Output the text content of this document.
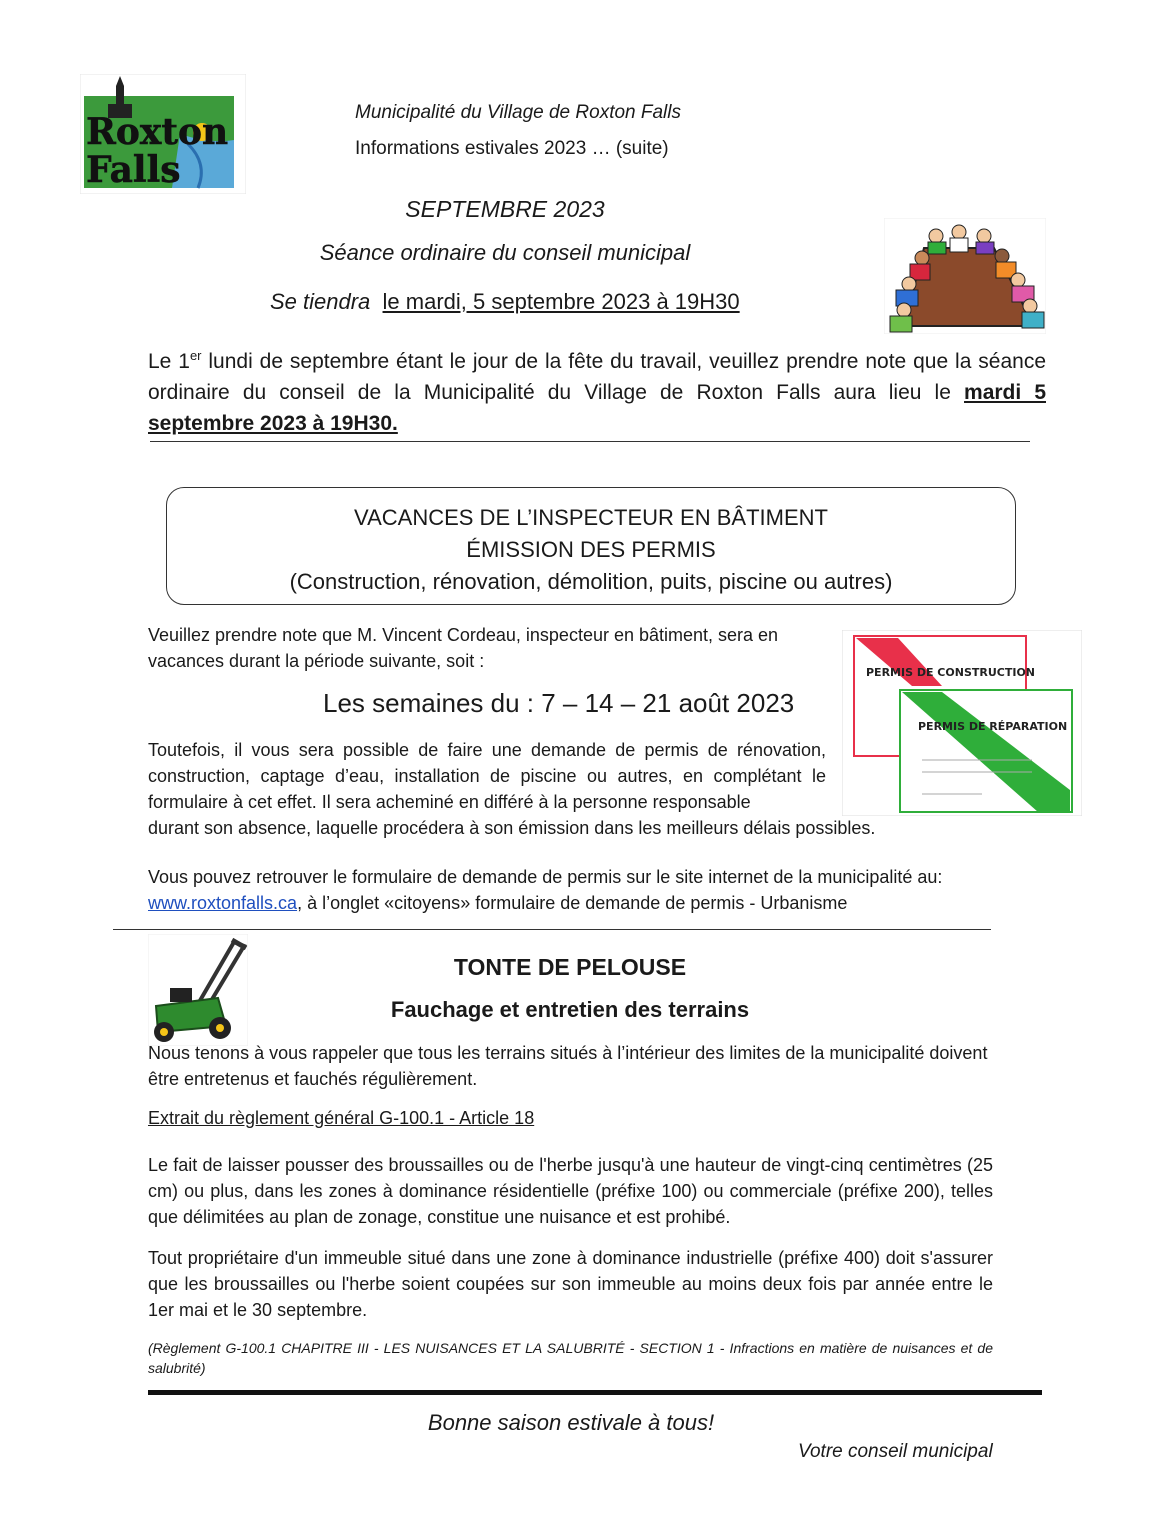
Roxton
Falls
Municipalité du Village de Roxton Falls
Informations estivales 2023 … (suite)
SEPTEMBRE 2023
Séance ordinaire du conseil municipal
Se tiendra le mardi, 5 septembre 2023 à 19H30
Le 1er lundi de septembre étant le jour de la fête du travail, veuillez prendre note que la séance ordinaire du conseil de la Municipalité du Village de Roxton Falls aura lieu le mardi 5 septembre 2023 à 19H30.
VACANCES DE L’INSPECTEUR EN BÂTIMENT
ÉMISSION DES PERMIS
(Construction, rénovation, démolition, puits, piscine ou autres)
Veuillez prendre note que M. Vincent Cordeau, inspecteur en bâtiment, sera en vacances durant la période suivante, soit :
Les semaines du : 7 – 14 – 21 août 2023
Toutefois, il vous sera possible de faire une demande de permis de rénovation, construction, captage d’eau, installation de piscine ou autres, en complétant le formulaire à cet effet. Il sera acheminé en différé à la personne responsable
durant son absence, laquelle procédera à son émission dans les meilleurs délais possibles.
PERMIS DE CONSTRUCTION
PERMIS DE RÉPARATION
Vous pouvez retrouver le formulaire de demande de permis sur le site internet de la municipalité au: www.roxtonfalls.ca, à l’onglet «citoyens» formulaire de demande de permis - Urbanisme
TONTE DE PELOUSE
Fauchage et entretien des terrains
Nous tenons à vous rappeler que tous les terrains situés à l’intérieur des limites de la municipalité doivent être entretenus et fauchés régulièrement.
Extrait du règlement général G-100.1 - Article 18
Le fait de laisser pousser des broussailles ou de l'herbe jusqu'à une hauteur de vingt-cinq centimètres (25 cm) ou plus, dans les zones à dominance résidentielle (préfixe 100) ou commerciale (préfixe 200), telles que délimitées au plan de zonage, constitue une nuisance et est prohibé.
Tout propriétaire d'un immeuble situé dans une zone à dominance industrielle (préfixe 400) doit s'assurer que les broussailles ou l'herbe soient coupées sur son immeuble au moins deux fois par année entre le 1er mai et le 30 septembre.
(Règlement G-100.1 CHAPITRE III - LES NUISANCES ET LA SALUBRITÉ - SECTION 1 - Infractions en matière de nuisances et de salubrité)
Bonne saison estivale à tous!
Votre conseil municipal
